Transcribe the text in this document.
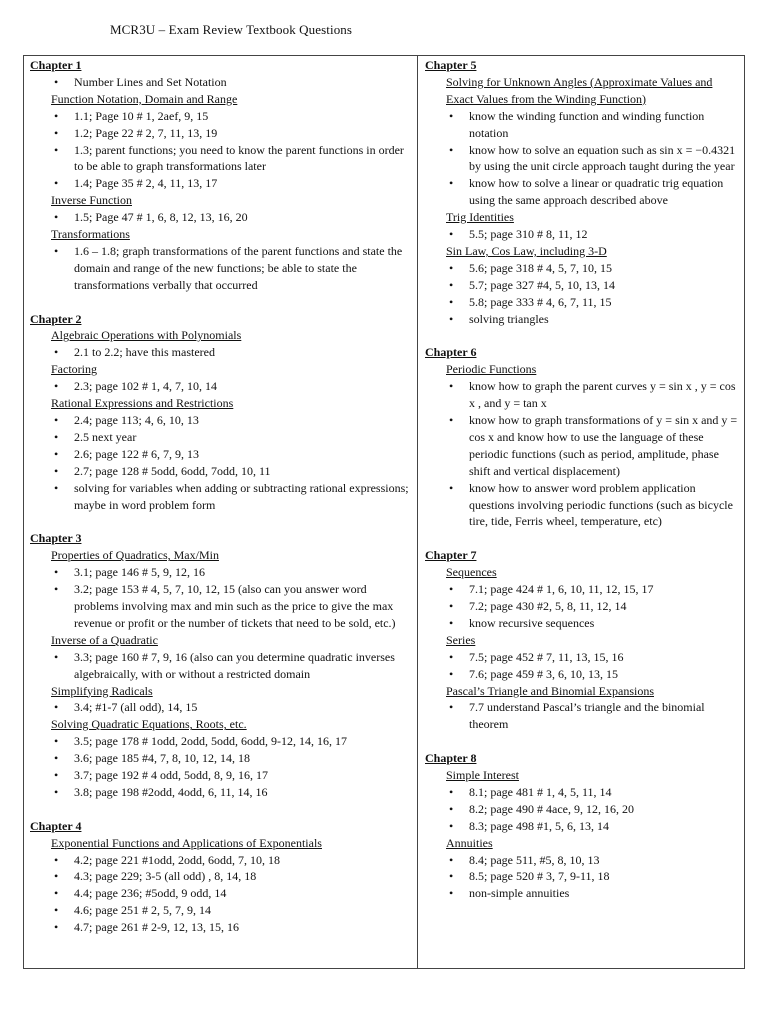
MCR3U – Exam Review Textbook Questions
Chapter 1
• Number Lines and Set Notation
Function Notation, Domain and Range
• 1.1; Page 10 # 1, 2aef, 9, 15
• 1.2; Page 22 # 2, 7, 11, 13, 19
• 1.3; parent functions; you need to know the parent functions in order to be able to graph transformations later
• 1.4; Page 35 # 2, 4, 11, 13, 17
Inverse Function
• 1.5; Page 47 # 1, 6, 8, 12, 13, 16, 20
Transformations
• 1.6 – 1.8; graph transformations of the parent functions and state the domain and range of the new functions; be able to state the transformations verbally that occurred
Chapter 2
Algebraic Operations with Polynomials
• 2.1 to 2.2; have this mastered
Factoring
• 2.3; page 102 # 1, 4, 7, 10, 14
Rational Expressions and Restrictions
• 2.4; page 113; 4, 6, 10, 13
• 2.5 next year
• 2.6; page 122 # 6, 7, 9, 13
• 2.7; page 128 # 5odd, 6odd, 7odd, 10, 11
• solving for variables when adding or subtracting rational expressions; maybe in word problem form
Chapter 3
Properties of Quadratics, Max/Min
• 3.1; page 146 # 5, 9, 12, 16
• 3.2; page 153 # 4, 5, 7, 10, 12, 15 (also can you answer word problems involving max and min such as the price to give the max revenue or profit or the number of tickets that need to be sold, etc.)
Inverse of a Quadratic
• 3.3; page 160 # 7, 9, 16 (also can you determine quadratic inverses algebraically, with or without a restricted domain
Simplifying Radicals
• 3.4; #1-7 (all odd), 14, 15
Solving Quadratic Equations, Roots, etc.
• 3.5; page 178 # 1odd, 2odd, 5odd, 6odd, 9-12, 14, 16, 17
• 3.6; page 185 #4, 7, 8, 10, 12, 14, 18
• 3.7; page 192 # 4 odd, 5odd, 8, 9, 16, 17
• 3.8; page 198 #2odd, 4odd, 6, 11, 14, 16
Chapter 4
Exponential Functions and Applications of Exponentials
• 4.2; page 221 #1odd, 2odd, 6odd, 7, 10, 18
• 4.3; page 229; 3-5 (all odd) , 8, 14, 18
• 4.4; page 236; #5odd, 9 odd, 14
• 4.6; page 251 # 2, 5, 7, 9, 14
• 4.7; page 261 # 2-9, 12, 13, 15, 16
Chapter 5
Solving for Unknown Angles (Approximate Values and Exact Values from the Winding Function)
• know the winding function and winding function notation
• know how to solve an equation such as sin x = −0.4321 by using the unit circle approach taught during the year
• know how to solve a linear or quadratic trig equation using the same approach described above
Trig Identities
• 5.5; page 310 # 8, 11, 12
Sin Law, Cos Law, including 3-D
• 5.6; page 318 # 4, 5, 7, 10, 15
• 5.7; page 327 #4, 5, 10, 13, 14
• 5.8; page 333 # 4, 6, 7, 11, 15
• solving triangles
Chapter 6
Periodic Functions
• know how to graph the parent curves y = sin x , y = cos x , and y = tan x
• know how to graph transformations of y = sin x and y = cos x and know how to use the language of these periodic functions (such as period, amplitude, phase shift and vertical displacement)
• know how to answer word problem application questions involving periodic functions (such as bicycle tire, tide, Ferris wheel, temperature, etc)
Chapter 7
Sequences
• 7.1; page 424 # 1, 6, 10, 11, 12, 15, 17
• 7.2; page 430 #2, 5, 8, 11, 12, 14
• know recursive sequences
Series
• 7.5; page 452 # 7, 11, 13, 15, 16
• 7.6; page 459 # 3, 6, 10, 13, 15
Pascal’s Triangle and Binomial Expansions
• 7.7 understand Pascal’s triangle and the binomial theorem
Chapter 8
Simple Interest
• 8.1; page 481 # 1, 4, 5, 11, 14
• 8.2; page 490 # 4ace, 9, 12, 16, 20
• 8.3; page 498 #1, 5, 6, 13, 14
Annuities
• 8.4; page 511, #5, 8, 10, 13
• 8.5; page 520 # 3, 7, 9-11, 18
• non-simple annuities
